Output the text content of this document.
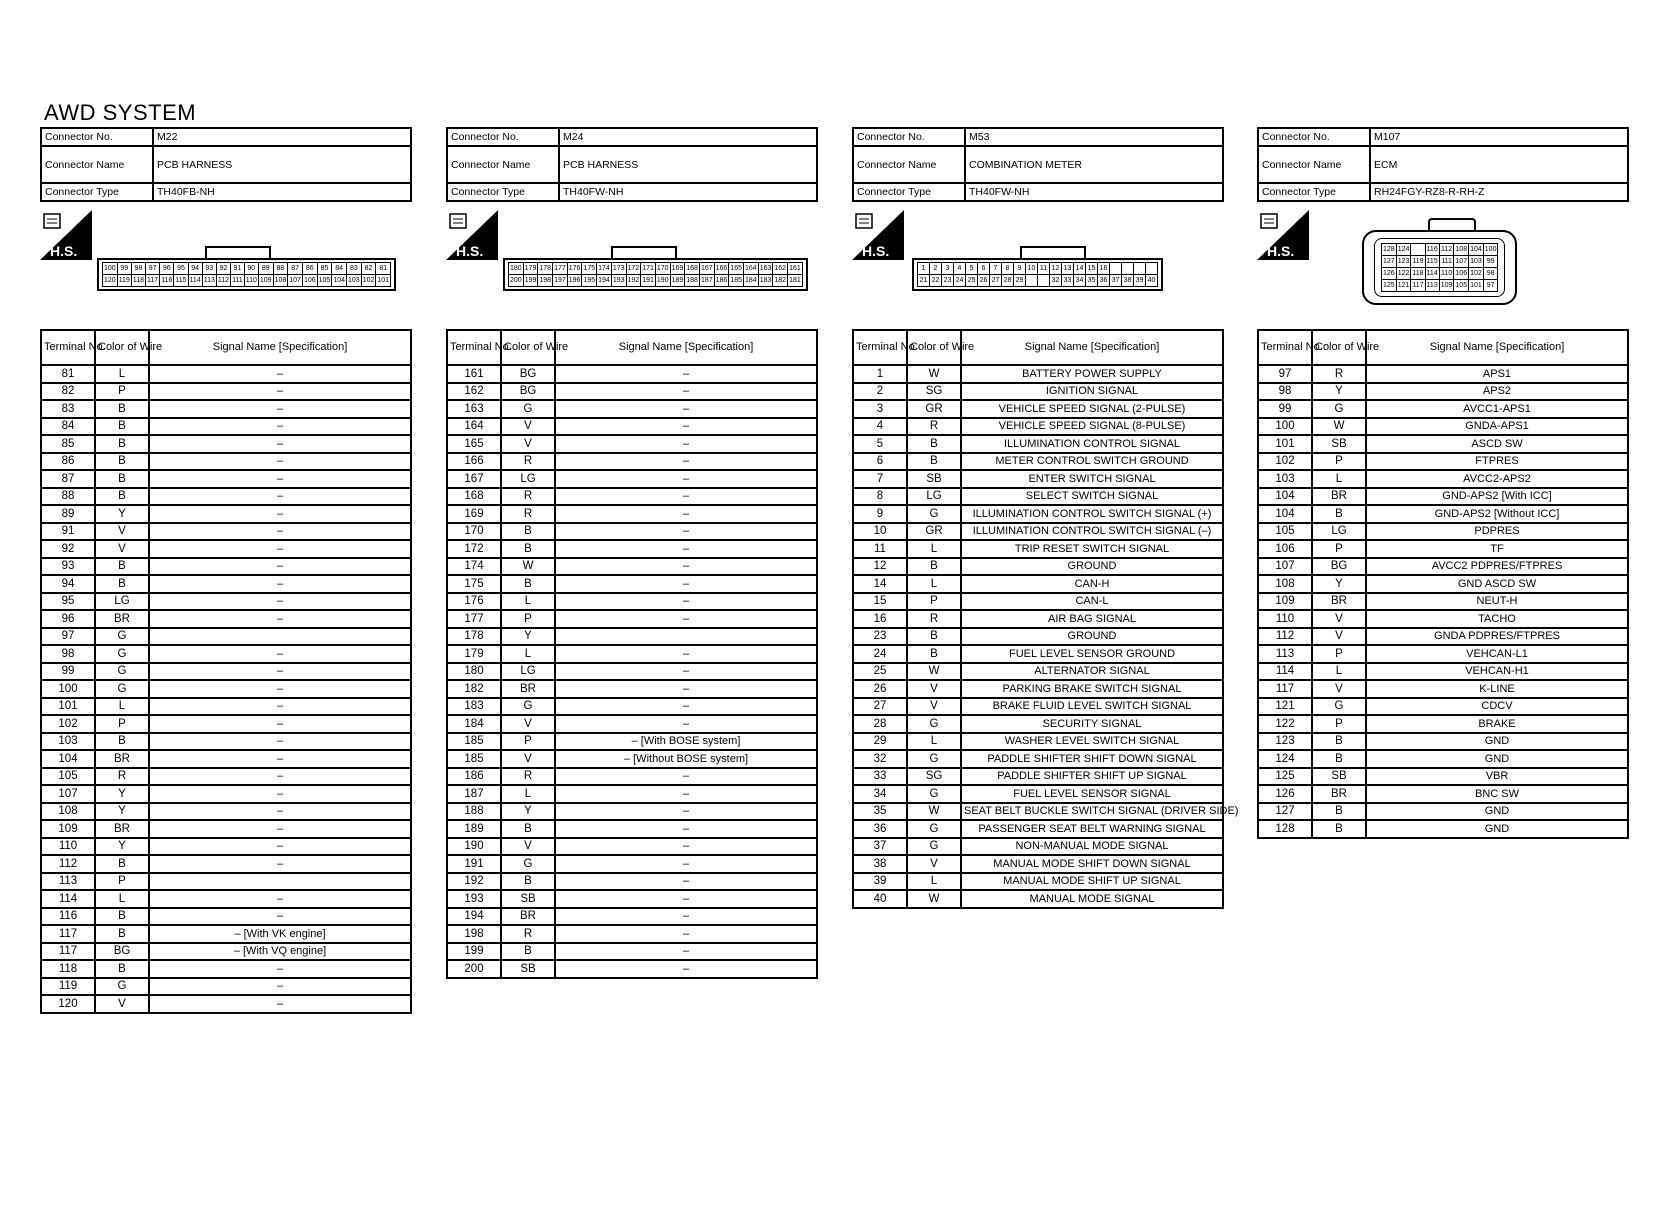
AWD SYSTEM
Connector No.	M22
Connector Name	PCB HARNESS
Connector Type	TH40FB-NH
H.S.
100	99	98	97	96	95	94	93	92	91	90	89	88	87	86	85	84	83	82	81
120	119	118	117	116	115	114	113	112	111	110	109	108	107	106	105	104	103	102	101
Terminal No.	Color of Wire	Signal Name [Specification]
81	L	–
82	P	–
83	B	–
84	B	–
85	B	–
86	B	–
87	B	–
88	B	–
89	Y	–
91	V	–
92	V	–
93	B	–
94	B	–
95	LG	–
96	BR	–
97	G	
98	G	–
99	G	–
100	G	–
101	L	–
102	P	–
103	B	–
104	BR	–
105	R	–
107	Y	–
108	Y	–
109	BR	–
110	Y	–
112	B	–
113	P	
114	L	–
116	B	–
117	B	– [With VK engine]
117	BG	– [With VQ engine]
118	B	–
119	G	–
120	V	–
Connector No.	M24
Connector Name	PCB HARNESS
Connector Type	TH40FW-NH
H.S.
180	179	178	177	176	175	174	173	172	171	170	169	168	167	166	165	164	163	162	161
200	199	198	197	196	195	194	193	192	191	190	189	188	187	186	185	184	183	182	181
Terminal No.	Color of Wire	Signal Name [Specification]
161	BG	–
162	BG	–
163	G	–
164	V	–
165	V	–
166	R	–
167	LG	–
168	R	–
169	R	–
170	B	–
172	B	–
174	W	–
175	B	–
176	L	–
177	P	–
178	Y	
179	L	–
180	LG	–
182	BR	–
183	G	–
184	V	–
185	P	– [With BOSE system]
185	V	– [Without BOSE system]
186	R	–
187	L	–
188	Y	–
189	B	–
190	V	–
191	G	–
192	B	–
193	SB	–
194	BR	–
198	R	–
199	B	–
200	SB	–
Connector No.	M53
Connector Name	COMBINATION METER
Connector Type	TH40FW-NH
H.S.
1	2	3	4	5	6	7	8	9	10	11	12	13	14	15	16				
21	22	23	24	25	26	27	28	29			32	33	34	35	36	37	38	39	40
Terminal No.	Color of Wire	Signal Name [Specification]
1	W	BATTERY POWER SUPPLY
2	SG	IGNITION SIGNAL
3	GR	VEHICLE SPEED SIGNAL (2-PULSE)
4	R	VEHICLE SPEED SIGNAL (8-PULSE)
5	B	ILLUMINATION CONTROL SIGNAL
6	B	METER CONTROL SWITCH GROUND
7	SB	ENTER SWITCH SIGNAL
8	LG	SELECT SWITCH SIGNAL
9	G	ILLUMINATION CONTROL SWITCH SIGNAL (+)
10	GR	ILLUMINATION CONTROL SWITCH SIGNAL (–)
11	L	TRIP RESET SWITCH SIGNAL
12	B	GROUND
14	L	CAN-H
15	P	CAN-L
16	R	AIR BAG SIGNAL
23	B	GROUND
24	B	FUEL LEVEL SENSOR GROUND
25	W	ALTERNATOR SIGNAL
26	V	PARKING BRAKE SWITCH SIGNAL
27	V	BRAKE FLUID LEVEL SWITCH SIGNAL
28	G	SECURITY SIGNAL
29	L	WASHER LEVEL SWITCH SIGNAL
32	G	PADDLE SHIFTER SHIFT DOWN SIGNAL
33	SG	PADDLE SHIFTER SHIFT UP SIGNAL
34	G	FUEL LEVEL SENSOR SIGNAL
35	W	SEAT BELT BUCKLE SWITCH SIGNAL (DRIVER SIDE)
36	G	PASSENGER SEAT BELT WARNING SIGNAL
37	G	NON-MANUAL MODE SIGNAL
38	V	MANUAL MODE SHIFT DOWN SIGNAL
39	L	MANUAL MODE SHIFT UP SIGNAL
40	W	MANUAL MODE SIGNAL
Connector No.	M107
Connector Name	ECM
Connector Type	RH24FGY-RZ8-R-RH-Z
H.S.	128	124		116	112	108	104	100
127	123	119	115	111	107	103	99
126	122	118	114	110	106	102	98
125	121	117	113	109	105	101	97
Terminal No.	Color of Wire	Signal Name [Specification]
97	R	APS1
98	Y	APS2
99	G	AVCC1-APS1
100	W	GNDA-APS1
101	SB	ASCD SW
102	P	FTPRES
103	L	AVCC2-APS2
104	BR	GND-APS2 [With ICC]
104	B	GND-APS2 [Without ICC]
105	LG	PDPRES
106	P	TF
107	BG	AVCC2 PDPRES/FTPRES
108	Y	GND ASCD SW
109	BR	NEUT-H
110	V	TACHO
112	V	GNDA PDPRES/FTPRES
113	P	VEHCAN-L1
114	L	VEHCAN-H1
117	V	K-LINE
121	G	CDCV
122	P	BRAKE
123	B	GND
124	B	GND
125	SB	VBR
126	BR	BNC SW
127	B	GND
128	B	GND
